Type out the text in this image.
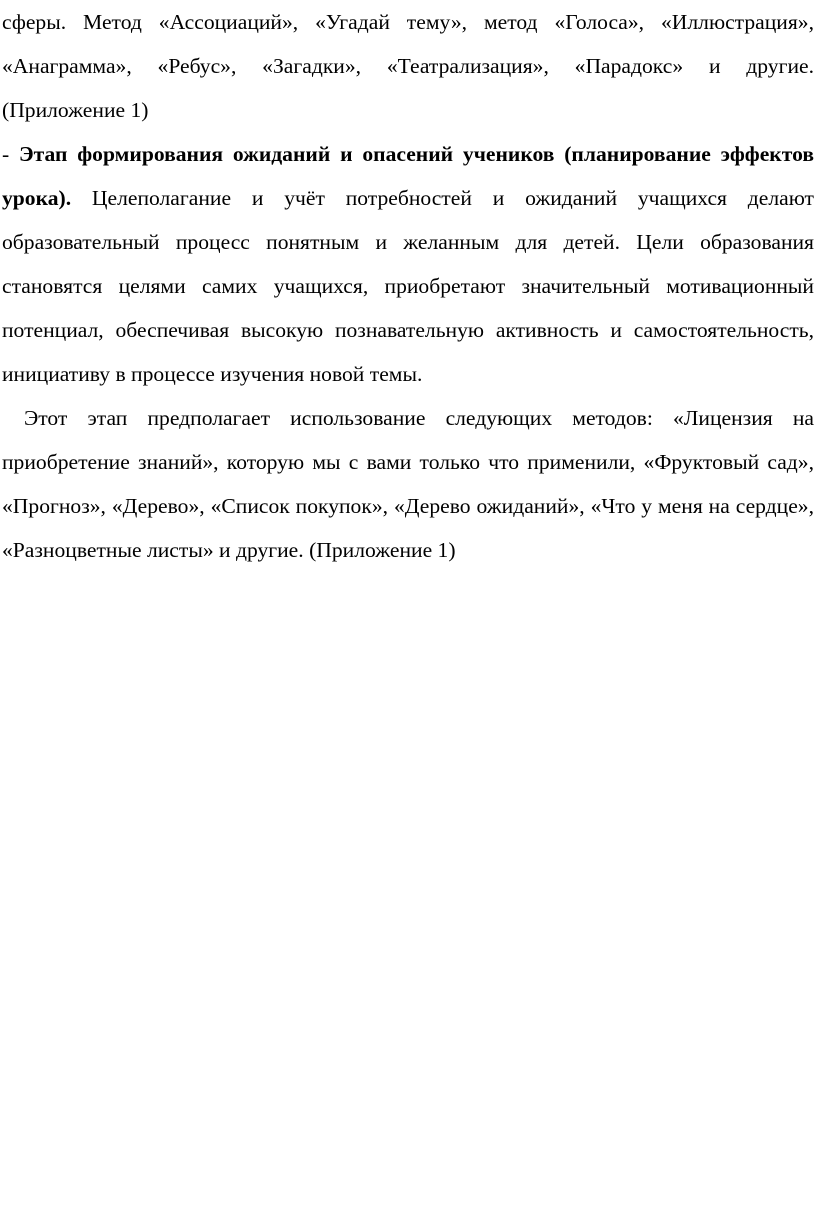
сферы. Метод «Ассоциаций», «Угадай тему», метод «Голоса», «Иллюстрация», «Анаграмма», «Ребус», «Загадки», «Театрализация», «Парадокс» и другие. (Приложение 1)

- Этап формирования ожиданий и опасений учеников (планирование эффектов урока). Целеполагание и учёт потребностей и ожиданий учащихся делают образовательный процесс понятным и желанным для детей. Цели образования становятся целями самих учащихся, приобретают значительный мотивационный потенциал, обеспечивая высокую познавательную активность и самостоятельность, инициативу в процессе изучения новой темы.

Этот этап предполагает использование следующих методов: «Лицензия на приобретение знаний», которую мы с вами только что применили, «Фруктовый сад», «Прогноз», «Дерево», «Список покупок», «Дерево ожиданий», «Что у меня на сердце», «Разноцветные листы» и другие. (Приложение 1)
